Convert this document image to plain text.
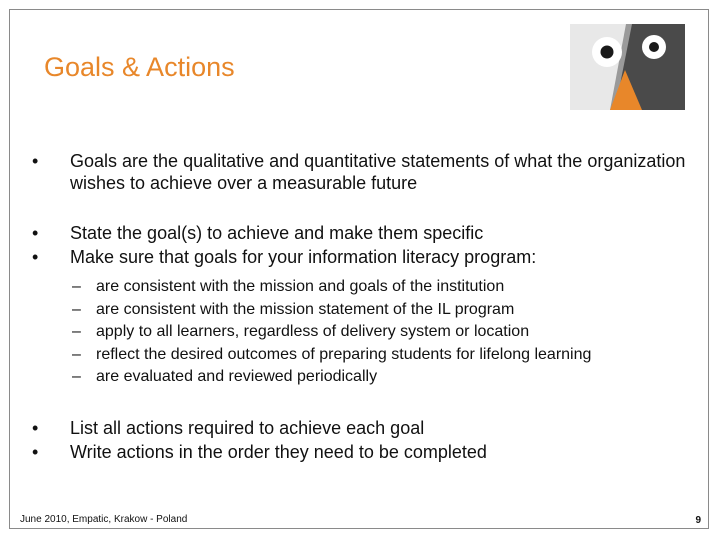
Goals & Actions

• Goals are the qualitative and quantitative statements of what the organization wishes to achieve over a measurable future

• State the goal(s) to achieve and make them specific

• Make sure that goals for your information literacy program:

– are consistent with the mission and goals of the institution

– are consistent with the mission statement of the IL program

– apply to all learners, regardless of delivery system or location

– reflect the desired outcomes of preparing students for lifelong learning

– are evaluated and reviewed periodically

• List all actions required to achieve each goal

• Write actions in the order they need to be completed

June 2010, Empatic, Krakow - Poland	9
